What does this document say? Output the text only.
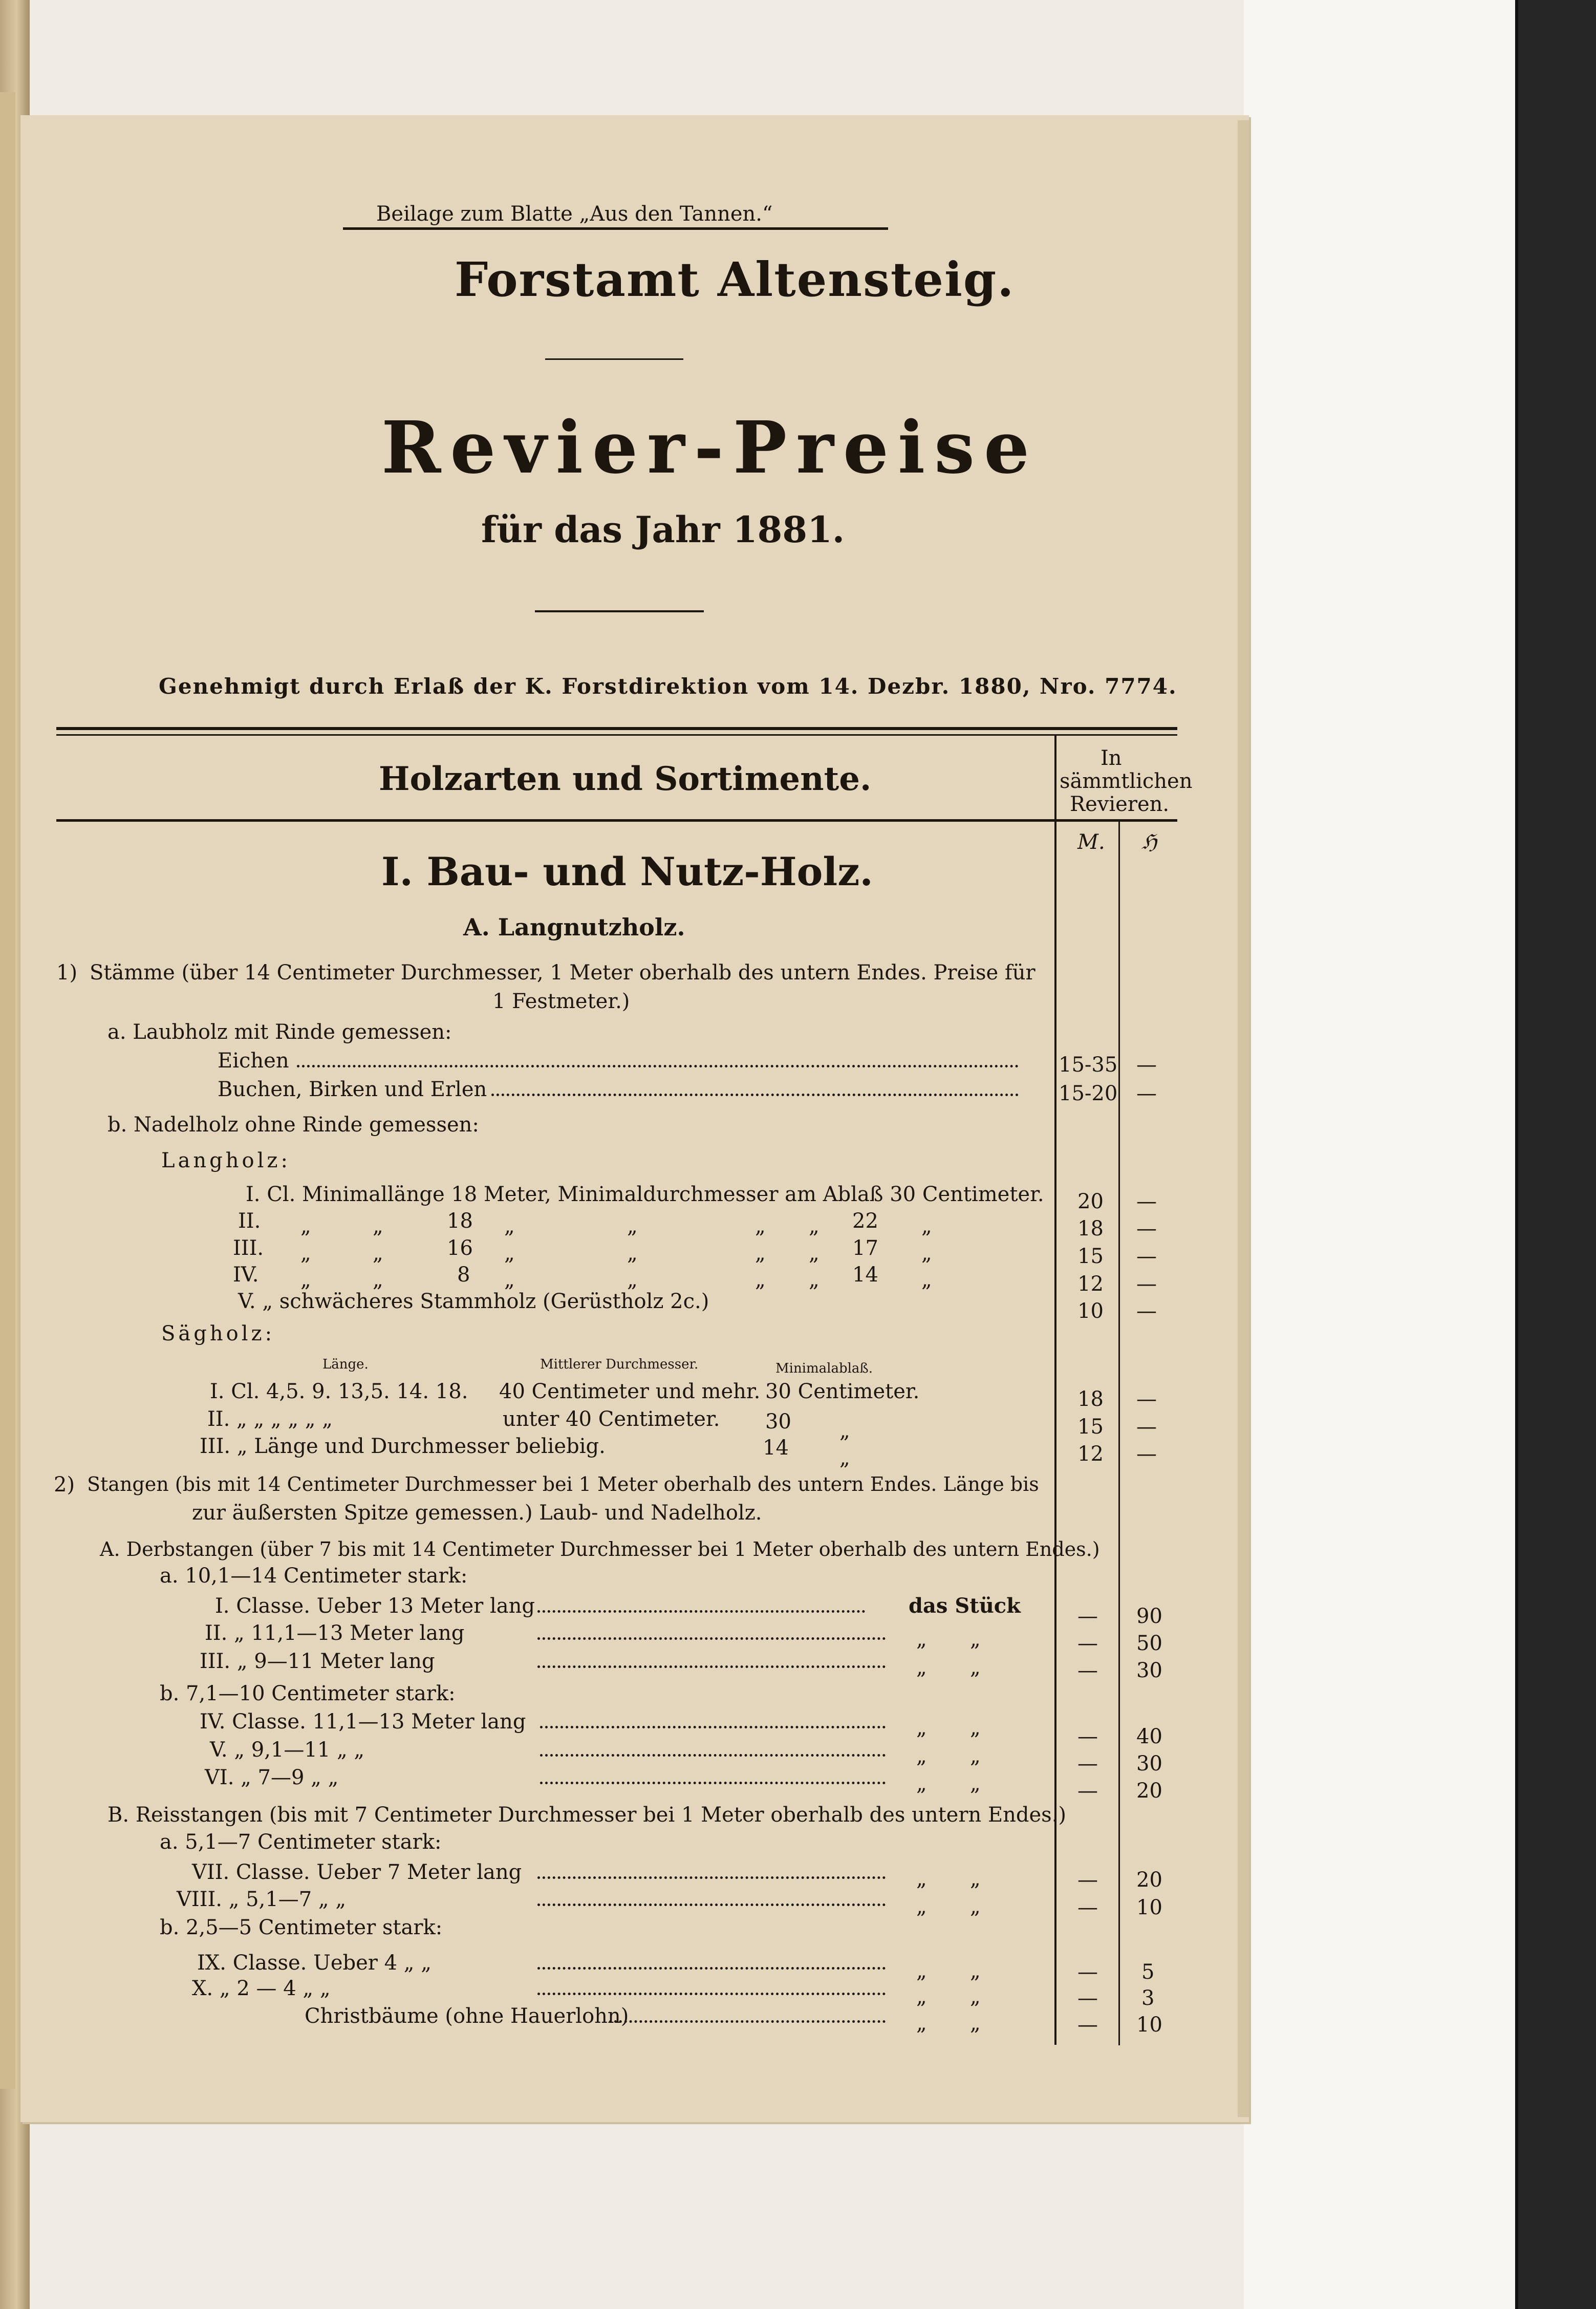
Beilage zum Blatte „Aus den Tannen.“
Forstamt Altensteig.
Revier-Preise
für das Jahr 1881.
Genehmigt durch Erlaß der K. Forstdirektion vom 14. Dezbr. 1880, Nro. 7774.
Holzarten und Sortimente.
In
sämmtlichen
Revieren.
M. ℌ
I. Bau- und Nutz-Holz.
A. Langnutzholz.
1) Stämme (über 14 Centimeter Durchmesser, 1 Meter oberhalb des untern Endes. Preise für
1 Festmeter.)
a. Laubholz mit Rinde gemessen:
Eichen	15-35 —
Buchen, Birken und Erlen	15-20 —
b. Nadelholz ohne Rinde gemessen:
Langholz:
I. Cl. Minimallänge 18 Meter, Minimaldurchmesser am Ablaß 30 Centimeter. 20 —
II. „	„	18 „	„	„ „ 22 „	18 —
III. „	„	16 „	„	„ „ 17 „	15 —
IV. „	„	8 „	„	„ „ 14 „	12 —
V. „ schwächeres Stammholz (Gerüstholz 2c.)	10 —
Sägholz:
Länge.	Mittlerer Durchmesser.	Minimalablaß.
I. Cl. 4,5. 9. 13,5. 14. 18. 40 Centimeter und mehr. 30 Centimeter.	18 —
II. „ „ „ „ „ „	unter 40 Centimeter. 30 „	15 —
III. „ Länge und Durchmesser beliebig.	14 „	12 —
2) Stangen (bis mit 14 Centimeter Durchmesser bei 1 Meter oberhalb des untern Endes. Länge bis
zur äußersten Spitze gemessen.) Laub- und Nadelholz.
A. Derbstangen (über 7 bis mit 14 Centimeter Durchmesser bei 1 Meter oberhalb des untern Endes.)
a. 10,1—14 Centimeter stark:
I. Classe. Ueber 13 Meter lang	das Stück	— 90
II. „ 11,1—13 Meter lang	„ „	— 50
III. „ 9—11 Meter lang	„ „	— 30
b. 7,1—10 Centimeter stark:
IV. Classe. 11,1—13 Meter lang	„ „	— 40
V. „ 9,1—11 „ „	„ „	— 30
VI. „ 7—9 „ „	„ „	— 20
B. Reisstangen (bis mit 7 Centimeter Durchmesser bei 1 Meter oberhalb des untern Endes.)
a. 5,1—7 Centimeter stark:
VII. Classe. Ueber 7 Meter lang	„ „	— 20
VIII. „ 5,1—7 „ „	„ „	— 10
b. 2,5—5 Centimeter stark:
IX. Classe. Ueber 4 „ „	„ „	— 5
X. „ 2 — 4 „ „	„ „	— 3
Christbäume (ohne Hauerlohn)	„ „	— 10
